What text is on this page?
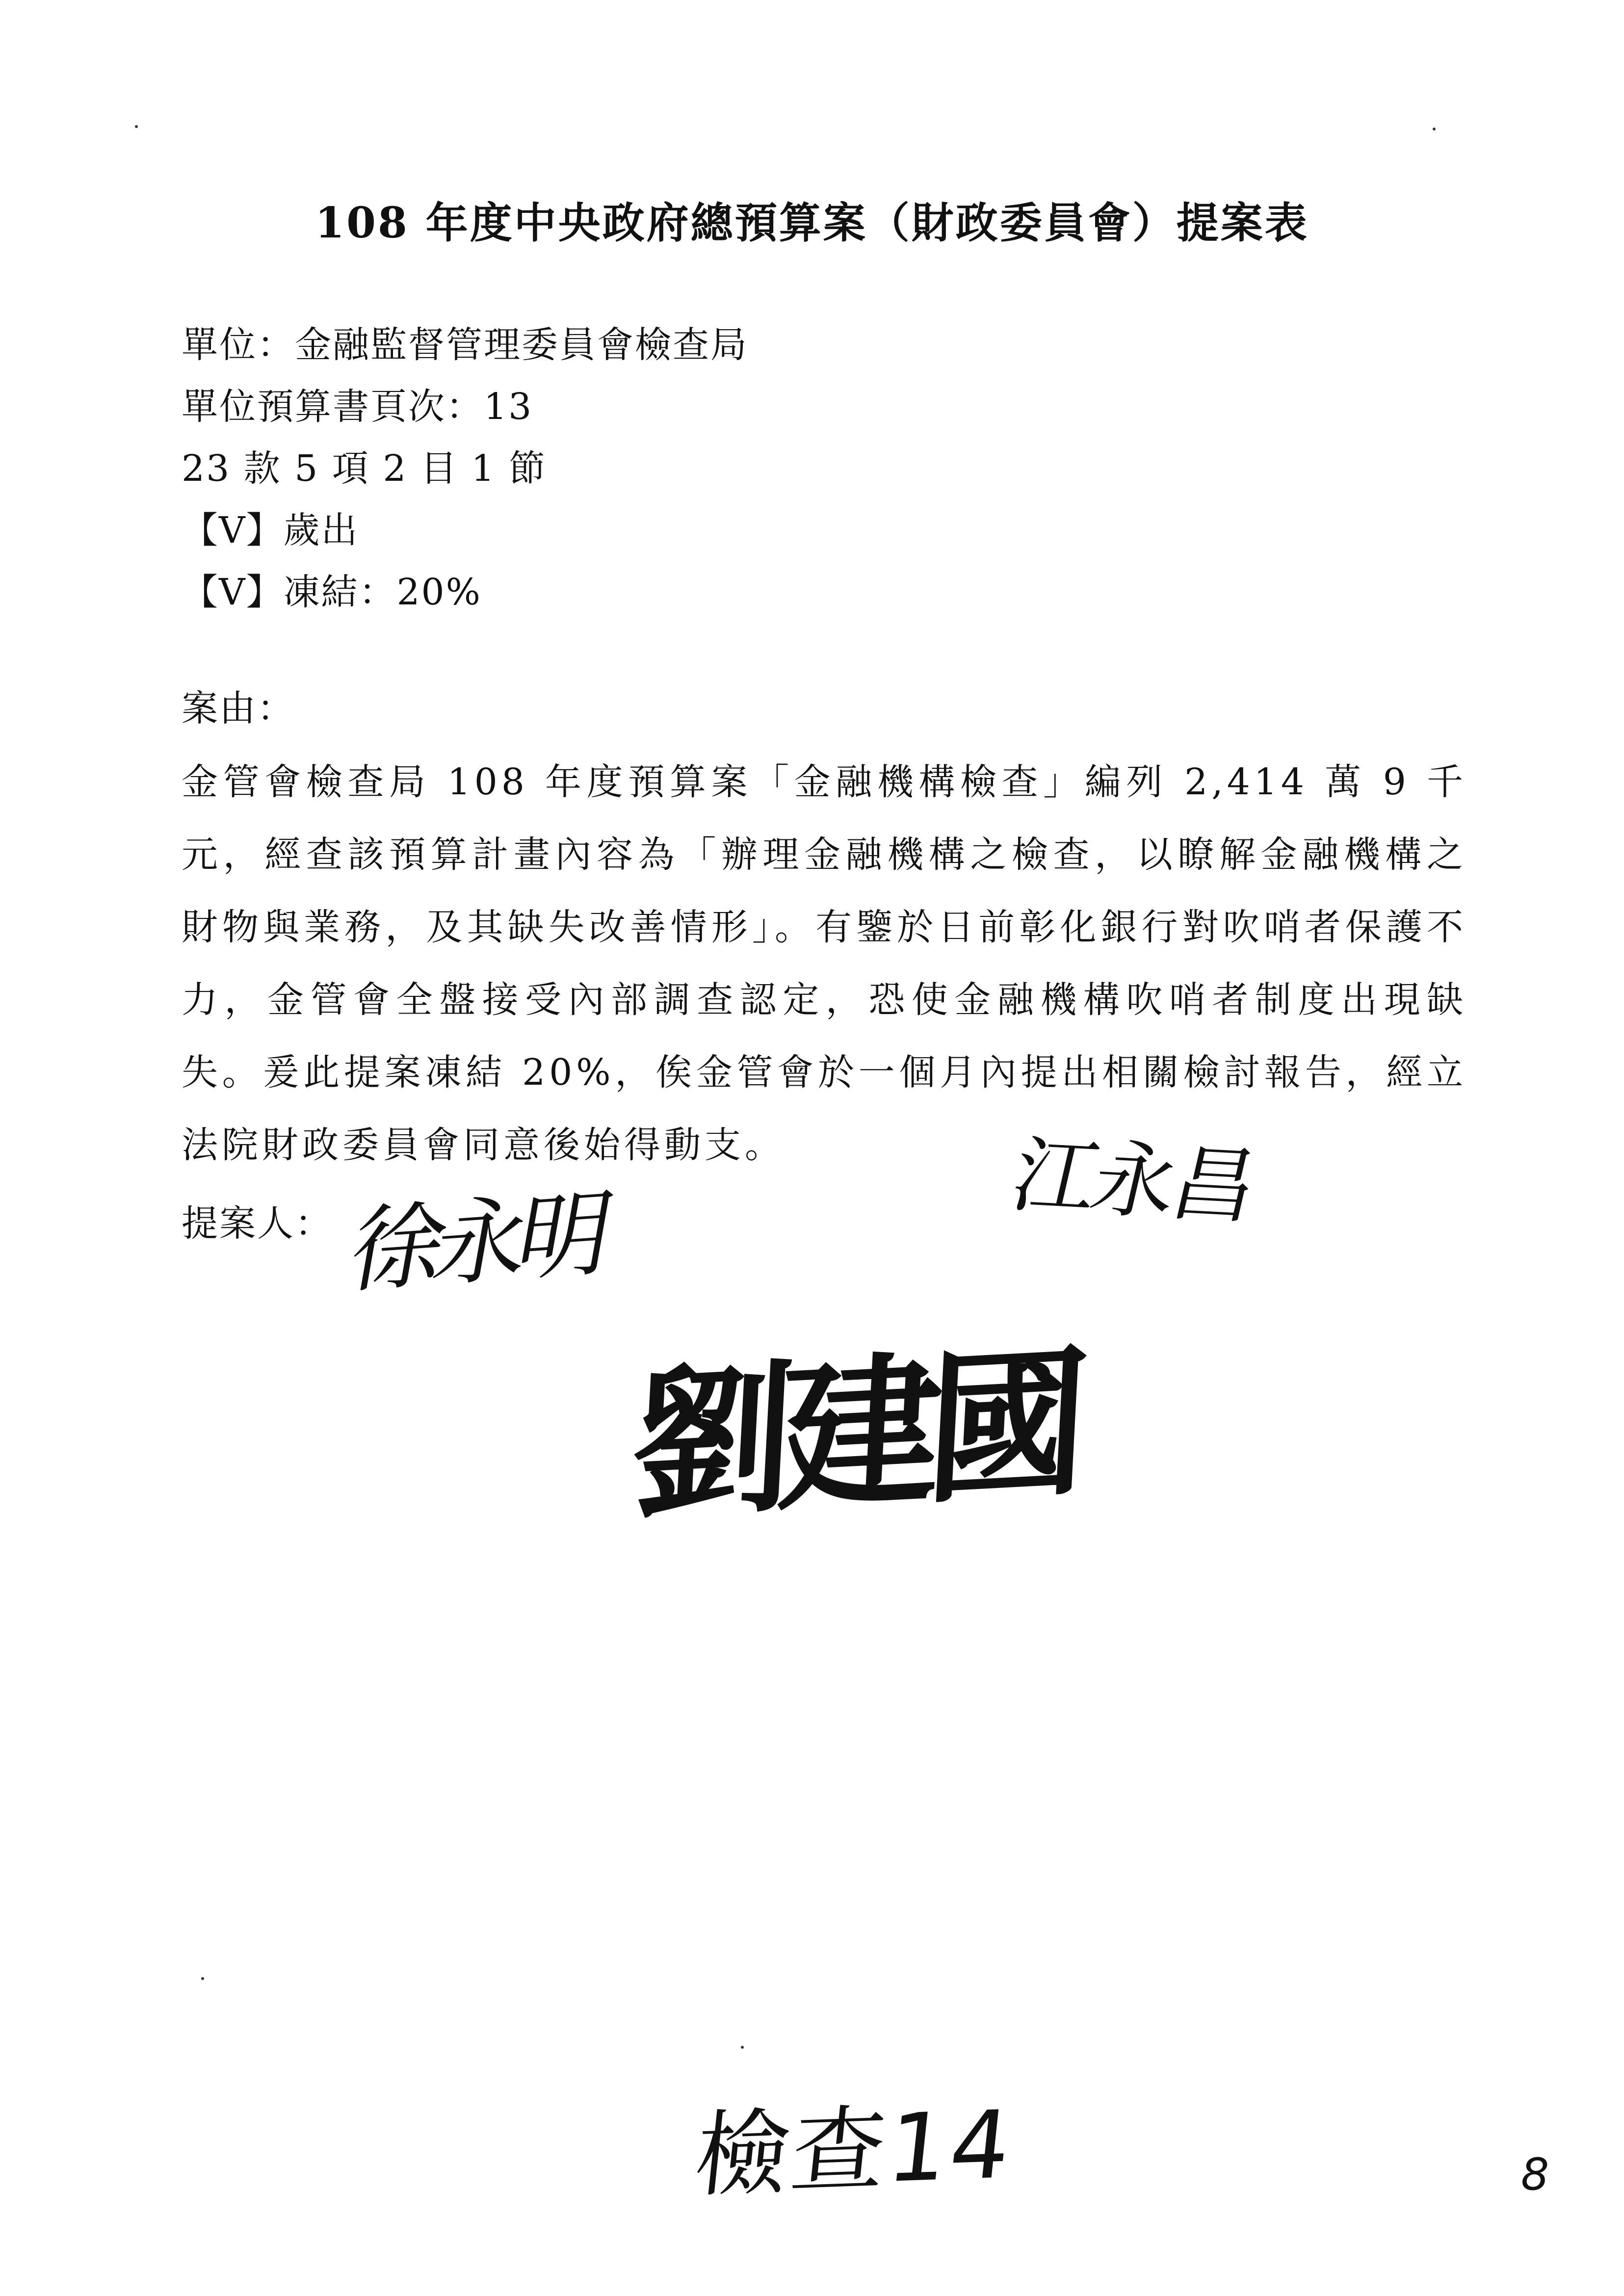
108 年度中央政府總預算案（財政委員會）提案表
單位：金融監督管理委員會檢查局
單位預算書頁次：13
23 款 5 項 2 目 1 節
【V】歲出
【V】凍結：20%
案由：
金管會檢查局 108 年度預算案「金融機構檢查」編列 2,414 萬 9 千元，經查該預算計畫內容為「辦理金融機構之檢查，以瞭解金融機構之財物與業務，及其缺失改善情形」。有鑒於日前彰化銀行對吹哨者保護不力，金管會全盤接受內部調查認定，恐使金融機構吹哨者制度出現缺失。爰此提案凍結 20%，俟金管會於一個月內提出相關檢討報告，經立法院財政委員會同意後始得動支。
提案人： 徐永明	江永昌
劉建國
檢查14	8
